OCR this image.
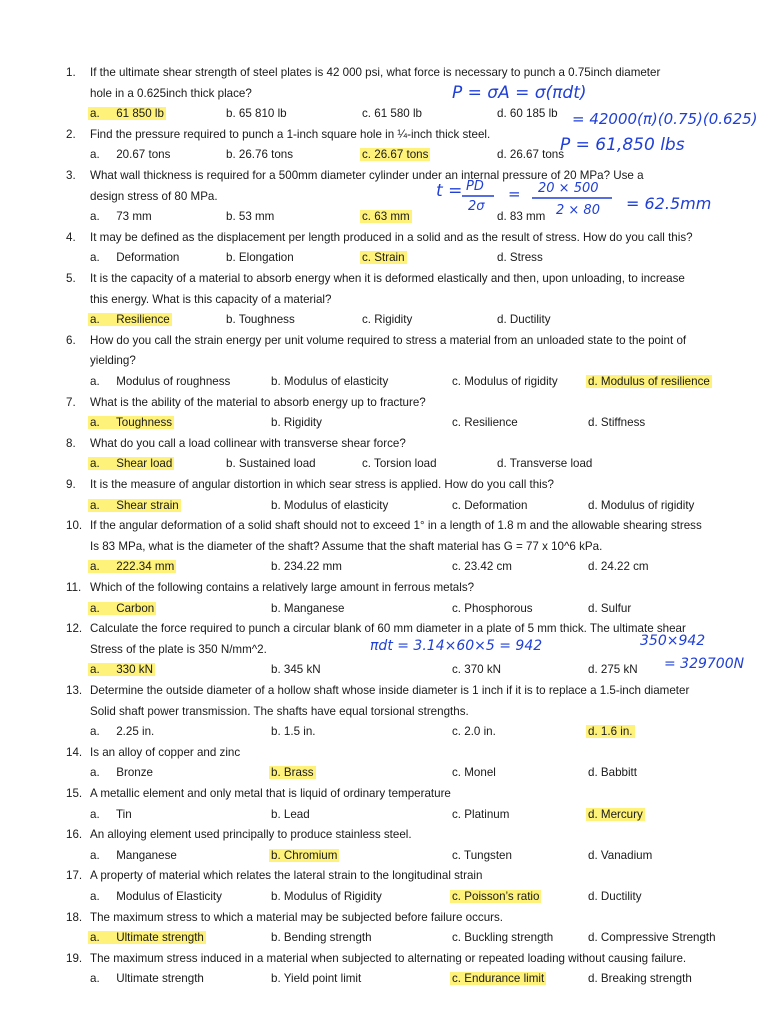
1.	If the ultimate shear strength of steel plates is 42 000 psi, what force is necessary to punch a 0.75inch diameter
hole in a 0.625inch thick place?
a. 61 850 lb	b. 65 810 lb	c. 61 580 lb	d. 60 185 lb
2.	Find the pressure required to punch a 1-inch square hole in ¼-inch thick steel.
a. 20.67 tons	b. 26.76 tons	c. 26.67 tons	d. 26.67 tons
3.	What wall thickness is required for a 500mm diameter cylinder under an internal pressure of 20 MPa? Use a
design stress of 80 MPa.
a. 73 mm	b. 53 mm	c. 63 mm	d. 83 mm
4.	It may be defined as the displacement per length produced in a solid and as the result of stress. How do you call this?
a. Deformation	b. Elongation	c. Strain	d. Stress
5.	It is the capacity of a material to absorb energy when it is deformed elastically and then, upon unloading, to increase
this energy. What is this capacity of a material?
a. Resilience	b. Toughness	c. Rigidity	d. Ductility
6.	How do you call the strain energy per unit volume required to stress a material from an unloaded state to the point of
yielding?
a. Modulus of roughness	b. Modulus of elasticity	c. Modulus of rigidity	d. Modulus of resilience
7.	What is the ability of the material to absorb energy up to fracture?
a. Toughness	b. Rigidity	c. Resilience	d. Stiffness
8.	What do you call a load collinear with transverse shear force?
a. Shear load	b. Sustained load	c. Torsion load	d. Transverse load
9.	It is the measure of angular distortion in which sear stress is applied. How do you call this?
a. Shear strain	b. Modulus of elasticity	c. Deformation	d. Modulus of rigidity
10. If the angular deformation of a solid shaft should not to exceed 1° in a length of 1.8 m and the allowable shearing stress
Is 83 MPa, what is the diameter of the shaft? Assume that the shaft material has G = 77 x 10^6 kPa.
a. 222.34 mm	b. 234.22 mm	c. 23.42 cm	d. 24.22 cm
11. Which of the following contains a relatively large amount in ferrous metals?
a. Carbon	b. Manganese	c. Phosphorous	d. Sulfur
12. Calculate the force required to punch a circular blank of 60 mm diameter in a plate of 5 mm thick. The ultimate shear
Stress of the plate is 350 N/mm^2.
a. 330 kN	b. 345 kN	c. 370 kN	d. 275 kN
13. Determine the outside diameter of a hollow shaft whose inside diameter is 1 inch if it is to replace a 1.5-inch diameter
Solid shaft power transmission. The shafts have equal torsional strengths.
a. 2.25 in.	b. 1.5 in.	c. 2.0 in.	d. 1.6 in.
14. Is an alloy of copper and zinc
a. Bronze	b. Brass	c. Monel	d. Babbitt
15. A metallic element and only metal that is liquid of ordinary temperature
a. Tin	b. Lead	c. Platinum	d. Mercury
16. An alloying element used principally to produce stainless steel.
a. Manganese	b. Chromium	c. Tungsten	d. Vanadium
17. A property of material which relates the lateral strain to the longitudinal strain
a. Modulus of Elasticity	b. Modulus of Rigidity	c. Poisson’s ratio	d. Ductility
18. The maximum stress to which a material may be subjected before failure occurs.
a. Ultimate strength	b. Bending strength	c. Buckling strength	d. Compressive Strength
19. The maximum stress induced in a material when subjected to alternating or repeated loading without causing failure.
a. Ultimate strength	b. Yield point limit	c. Endurance limit	d. Breaking strength
P = σA = σ(πdt)
= 42000(π)(0.75)(0.625)
P = 61,850 lbs
t = PD
2σ
= 20 × 500
2 × 80 = 62.5mm
πdt = 3.14×60×5 = 942	350×942
= 329700N
